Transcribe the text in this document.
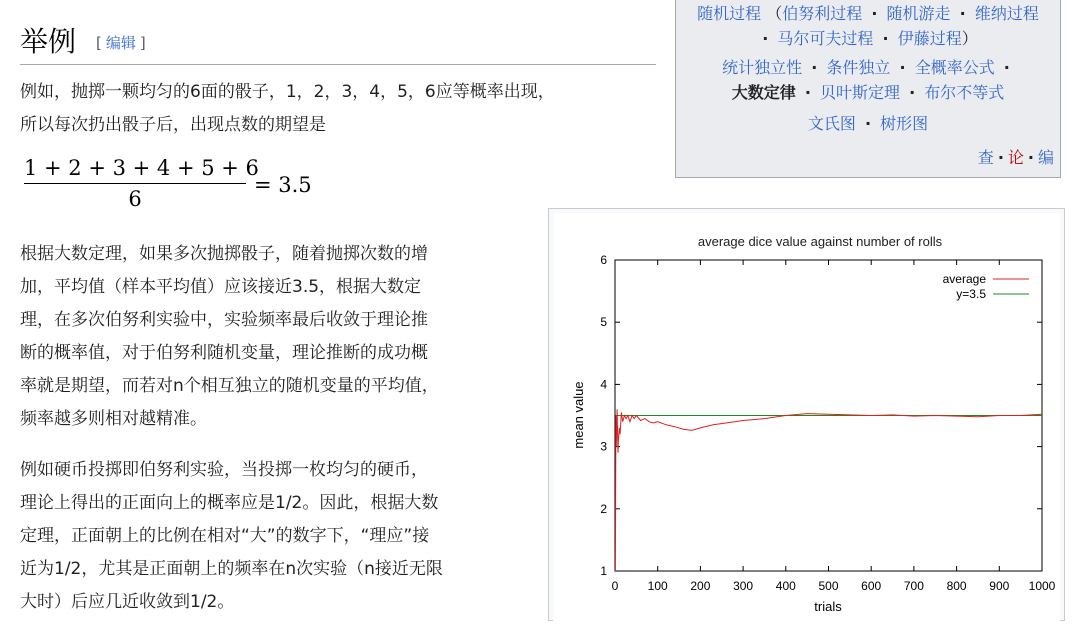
举例 [ 编辑 ]
例如，抛掷一颗均匀的6面的骰子，1，2，3，4，5，6应等概率出现，
所以每次扔出骰子后，出现点数的期望是
1 + 2 + 3 + 4 + 5 + 6
6
= 3.5
根据大数定理，如果多次抛掷骰子，随着抛掷次数的增
加，平均值（样本平均值）应该接近3.5，根据大数定
理，在多次伯努利实验中，实验频率最后收敛于理论推
断的概率值，对于伯努利随机变量，理论推断的成功概
率就是期望，而若对n个相互独立的随机变量的平均值，
频率越多则相对越精准。
例如硬币投掷即伯努利实验，当投掷一枚均匀的硬币，
理论上得出的正面向上的概率应是1/2。因此，根据大数
定理，正面朝上的比例在相对“大”的数字下，“理应”接
近为1/2，尤其是正面朝上的频率在n次实验（n接近无限
大时）后应几近收敛到1/2。
随机过程 （伯努利过程 · 随机游走 · 维纳过程
· 马尔可夫过程 · 伊藤过程）
统计独立性 · 条件独立 · 全概率公式 ·
大数定律 · 贝叶斯定理 · 布尔不等式
文氏图 · 树形图
查 · 论 · 编
average dice value against number of rolls
0 100 200 300 400 500 600 700 800 900 1000
1
2
3
4
5
6
average
y=3.5
trials
mean value
